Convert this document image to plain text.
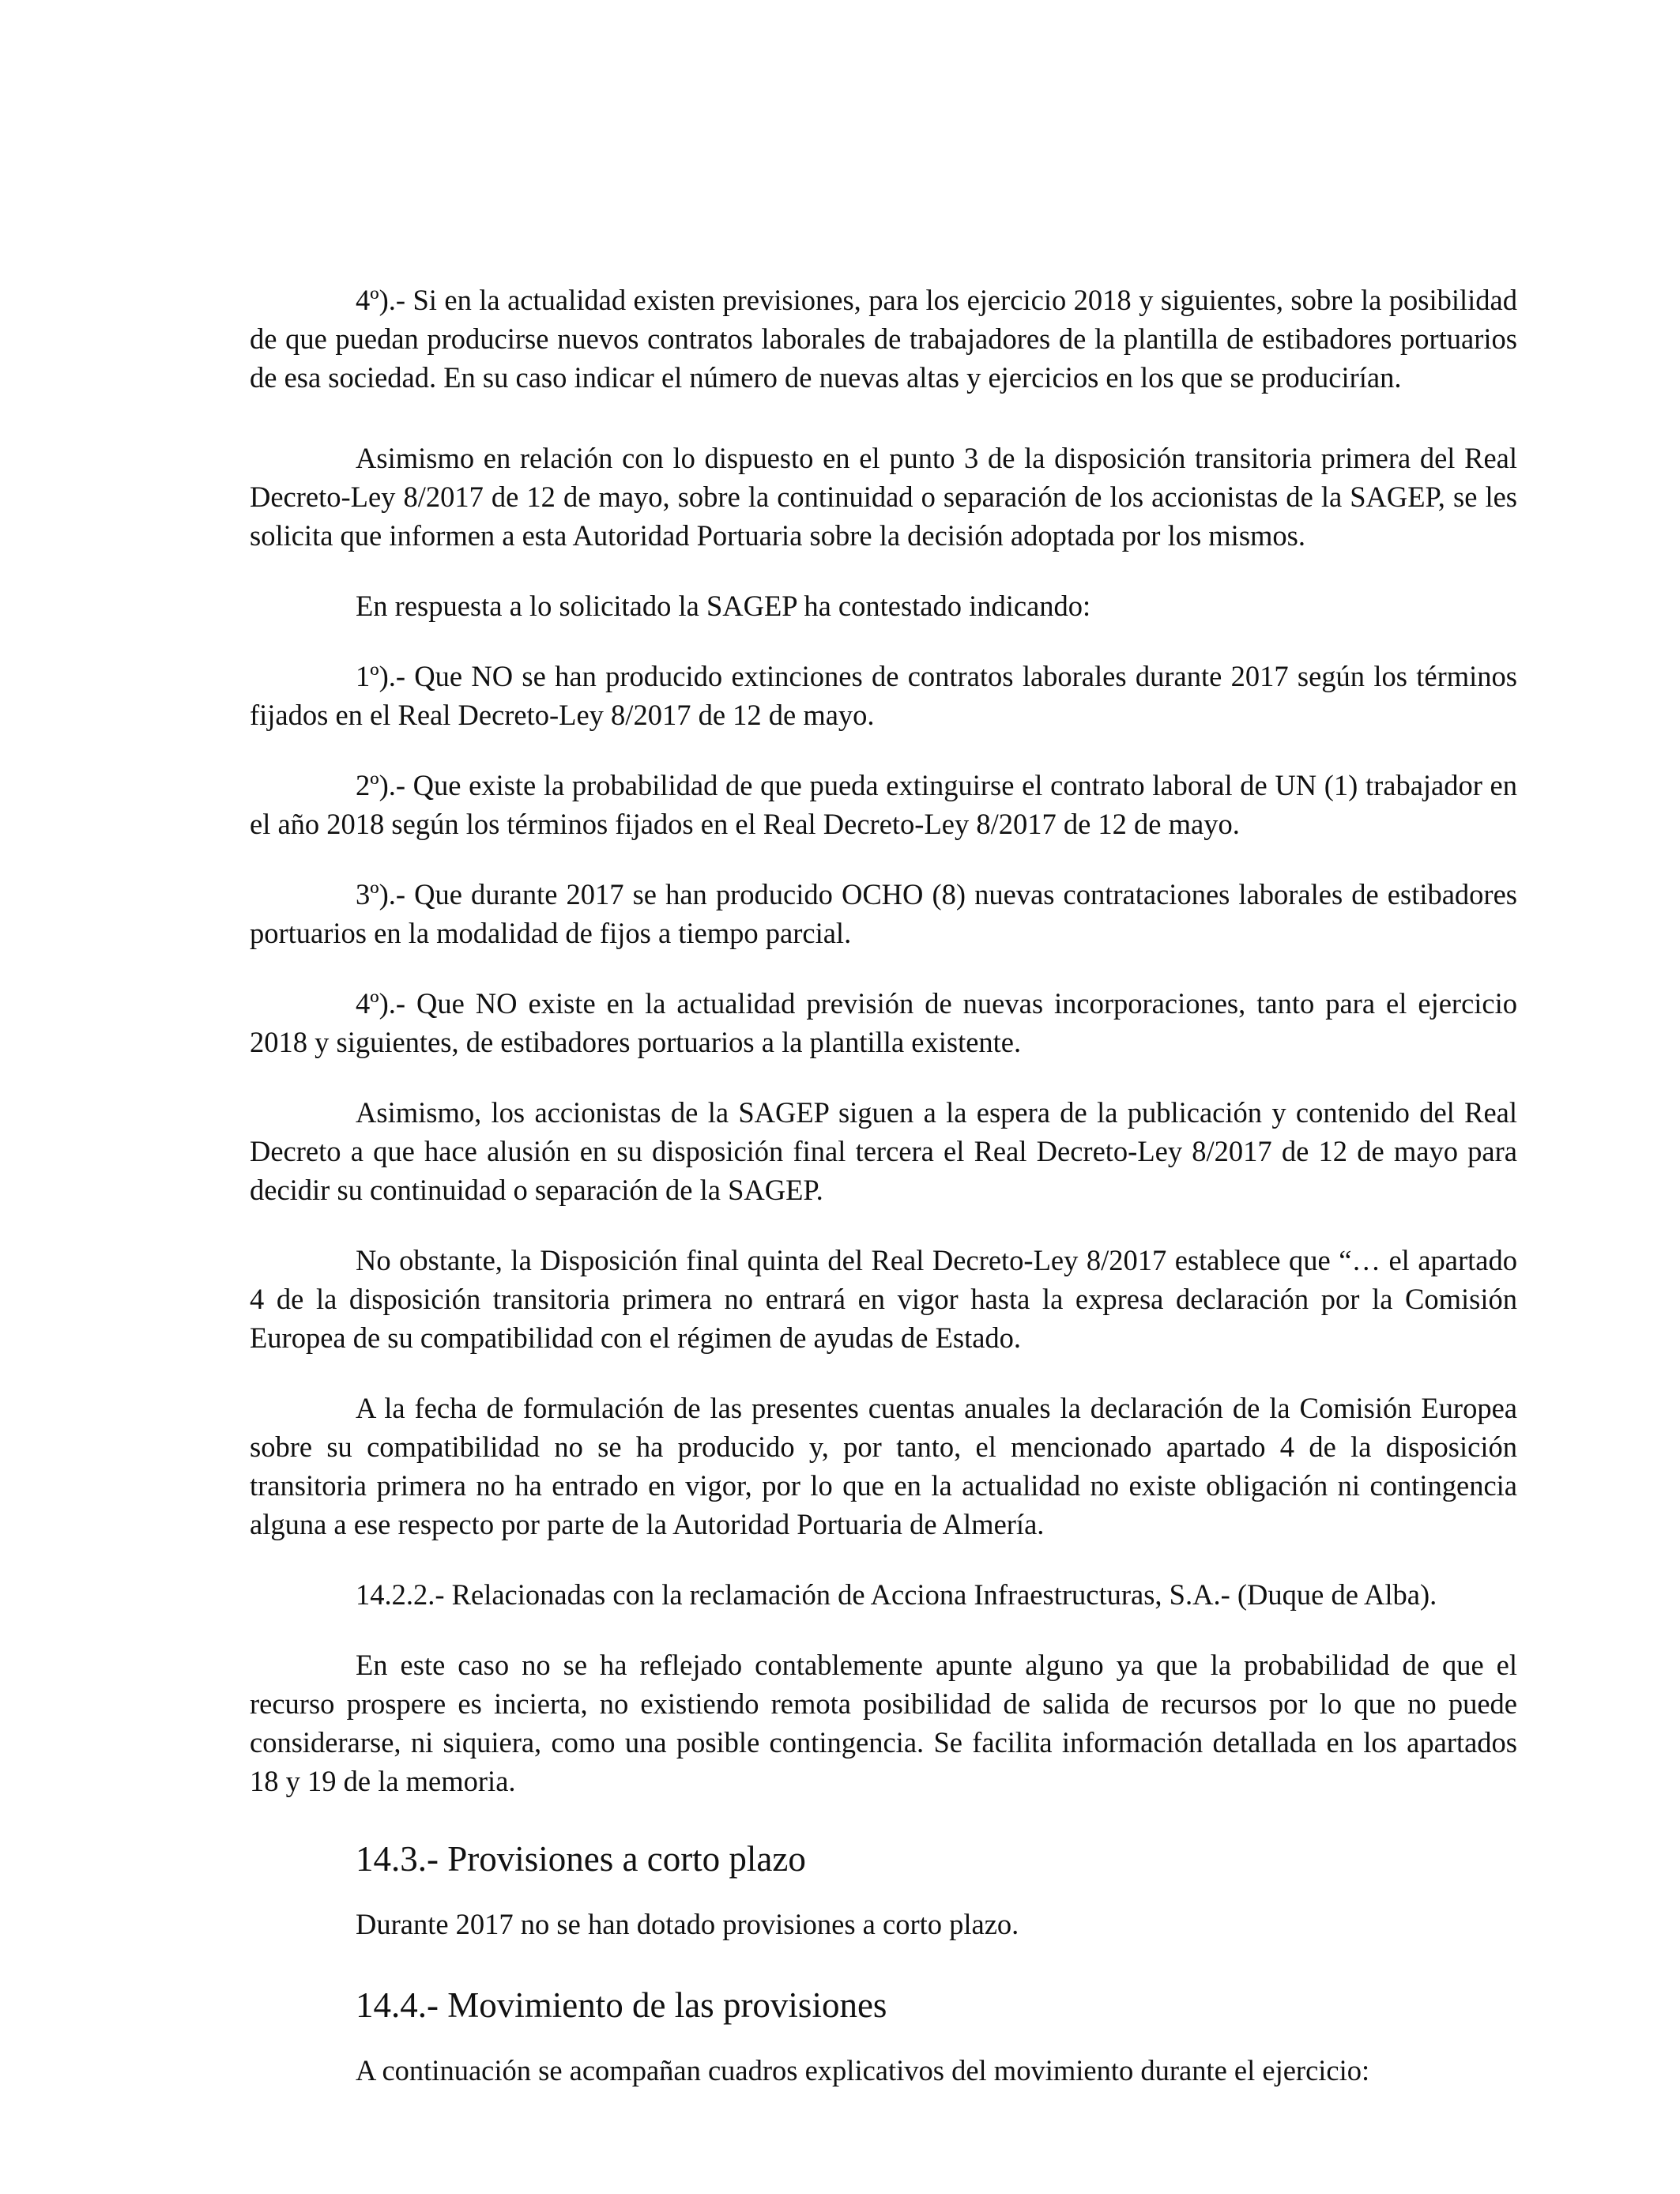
4º).- Si en la actualidad existen previsiones, para los ejercicio 2018 y siguientes, sobre la posibilidad de que puedan producirse nuevos contratos laborales de trabajadores de la plantilla de estibadores portuarios de esa sociedad. En su caso indicar el número de nuevas altas y ejercicios en los que se producirían.

Asimismo en relación con lo dispuesto en el punto 3 de la disposición transitoria primera del Real Decreto-Ley 8/2017 de 12 de mayo, sobre la continuidad o separación de los accionistas de la SAGEP, se les solicita que informen a esta Autoridad Portuaria sobre la decisión adoptada por los mismos.

En respuesta a lo solicitado la SAGEP ha contestado indicando:

1º).- Que NO se han producido extinciones de contratos laborales durante 2017 según los términos fijados en el Real Decreto-Ley 8/2017 de 12 de mayo.

2º).- Que existe la probabilidad de que pueda extinguirse el contrato laboral de UN (1) trabajador en el año 2018 según los términos fijados en el Real Decreto-Ley 8/2017 de 12 de mayo.

3º).- Que durante 2017 se han producido OCHO (8) nuevas contrataciones laborales de estibadores portuarios en la modalidad de fijos a tiempo parcial.

4º).- Que NO existe en la actualidad previsión de nuevas incorporaciones, tanto para el ejercicio 2018 y siguientes, de estibadores portuarios a la plantilla existente.

Asimismo, los accionistas de la SAGEP siguen a la espera de la publicación y contenido del Real Decreto a que hace alusión en su disposición final tercera el Real Decreto-Ley 8/2017 de 12 de mayo para decidir su continuidad o separación de la SAGEP.

No obstante, la Disposición final quinta del Real Decreto-Ley 8/2017 establece que “… el apartado 4 de la disposición transitoria primera no entrará en vigor hasta la expresa declaración por la Comisión Europea de su compatibilidad con el régimen de ayudas de Estado.

A la fecha de formulación de las presentes cuentas anuales la declaración de la Comisión Europea sobre su compatibilidad no se ha producido y, por tanto, el mencionado apartado 4 de la disposición transitoria primera no ha entrado en vigor, por lo que en la actualidad no existe obligación ni contingencia alguna a ese respecto por parte de la Autoridad Portuaria de Almería.

14.2.2.- Relacionadas con la reclamación de Acciona Infraestructuras, S.A.- (Duque de Alba).

En este caso no se ha reflejado contablemente apunte alguno ya que la probabilidad de que el recurso prospere es incierta, no existiendo remota posibilidad de salida de recursos por lo que no puede considerarse, ni siquiera, como una posible contingencia. Se facilita información detallada en los apartados 18 y 19 de la memoria.

14.3.- Provisiones a corto plazo

Durante 2017 no se han dotado provisiones a corto plazo.

14.4.- Movimiento de las provisiones

A continuación se acompañan cuadros explicativos del movimiento durante el ejercicio:
